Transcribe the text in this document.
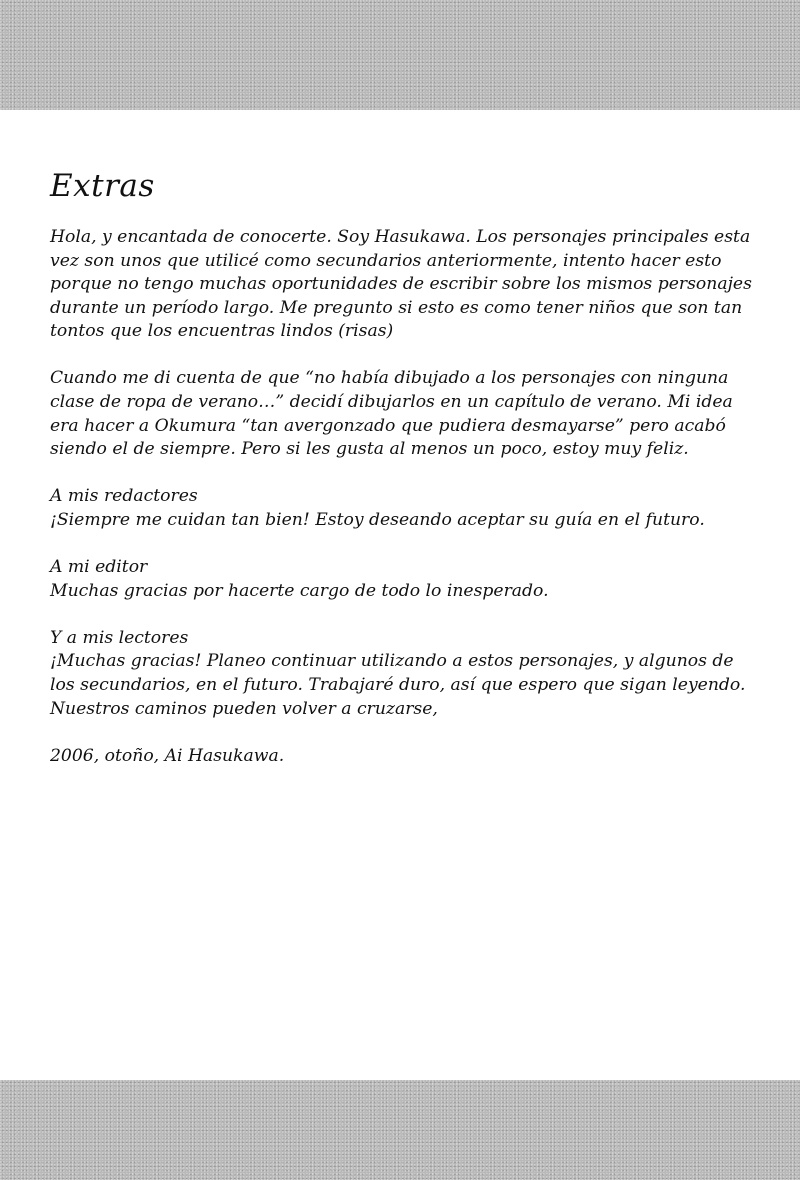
Extras

Hola, y encantada de conocerte. Soy Hasukawa. Los personajes principales esta
vez son unos que utilicé como secundarios anteriormente, intento hacer esto
porque no tengo muchas oportunidades de escribir sobre los mismos personajes
durante un período largo. Me pregunto si esto es como tener niños que son tan
tontos que los encuentras lindos (risas)

Cuando me di cuenta de que “no había dibujado a los personajes con ninguna
clase de ropa de verano…” decidí dibujarlos en un capítulo de verano. Mi idea
era hacer a Okumura “tan avergonzado que pudiera desmayarse” pero acabó
siendo el de siempre. Pero si les gusta al menos un poco, estoy muy feliz.

A mis redactores
¡Siempre me cuidan tan bien! Estoy deseando aceptar su guía en el futuro.

A mi editor
Muchas gracias por hacerte cargo de todo lo inesperado.

Y a mis lectores
¡Muchas gracias! Planeo continuar utilizando a estos personajes, y algunos de
los secundarios, en el futuro. Trabajaré duro, así que espero que sigan leyendo.
Nuestros caminos pueden volver a cruzarse,

2006, otoño, Ai Hasukawa.
